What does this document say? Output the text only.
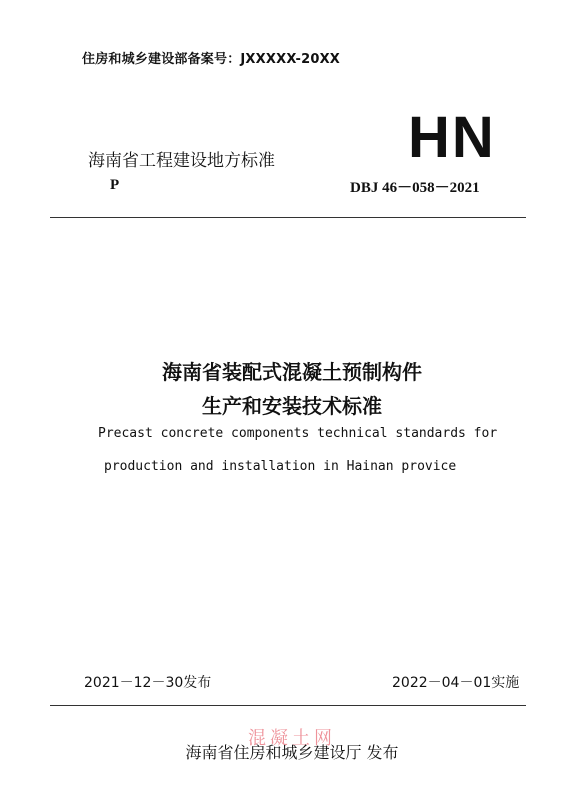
住房和城乡建设部备案号：JXXXXX-20XX
海南省工程建设地方标准 HN
P	DBJ 46－058－2021
海南省装配式混凝土预制构件
生产和安装技术标准
Precast concrete components technical standards for
production and installation in Hainan provice
2021－12－30发布	2022－04－01实施
混凝土网
海南省住房和城乡建设厅 发布
